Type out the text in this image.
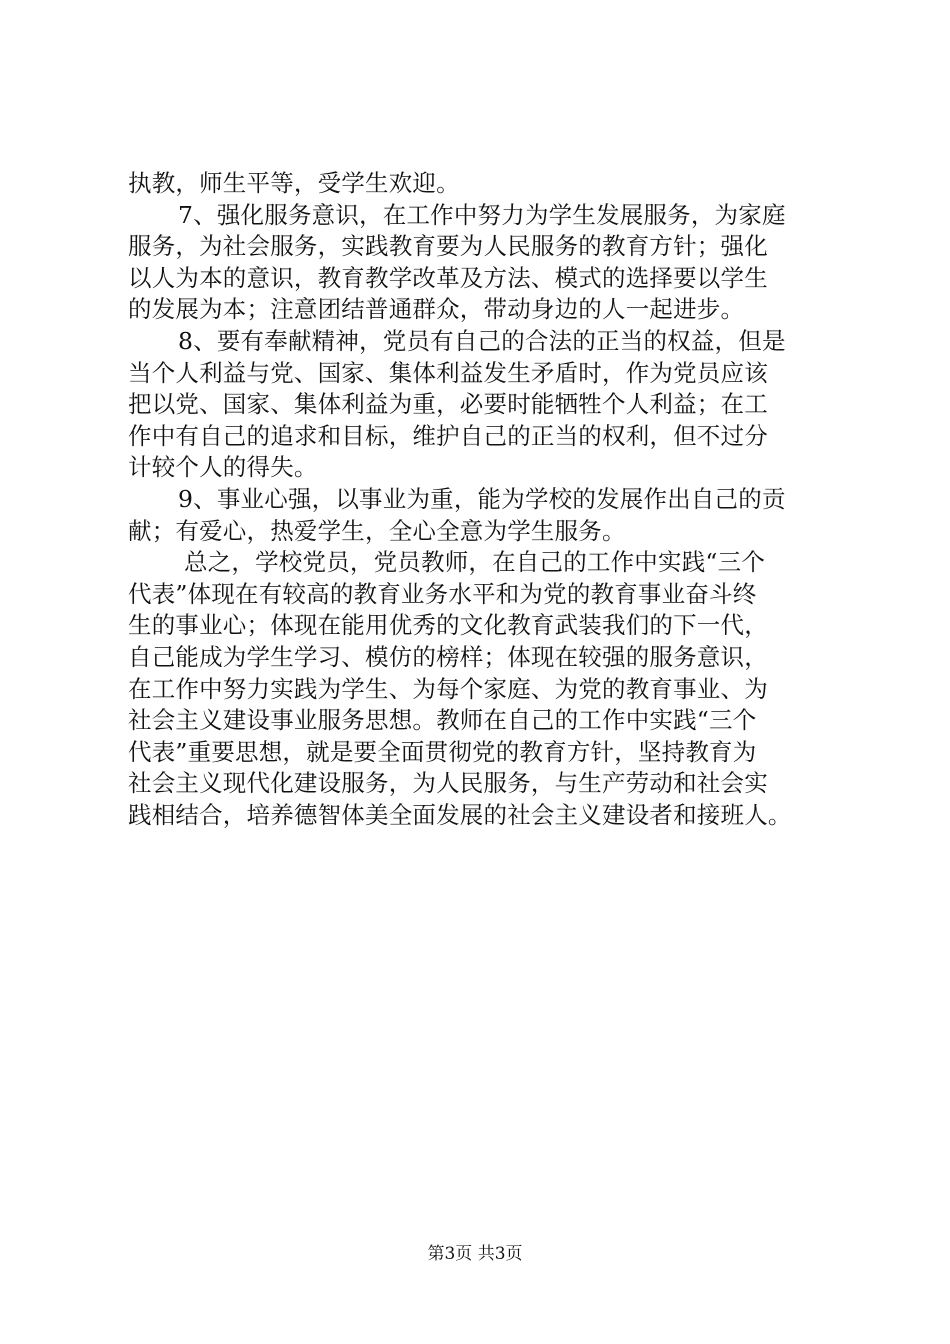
执教，师生平等，受学生欢迎。
7、强化服务意识，在工作中努力为学生发展服务，为家庭
服务，为社会服务，实践教育要为人民服务的教育方针；强化
以人为本的意识，教育教学改革及方法、模式的选择要以学生
的发展为本；注意团结普通群众，带动身边的人一起进步。
8、要有奉献精神，党员有自己的合法的正当的权益，但是
当个人利益与党、国家、集体利益发生矛盾时，作为党员应该
把以党、国家、集体利益为重，必要时能牺牲个人利益；在工
作中有自己的追求和目标，维护自己的正当的权利，但不过分
计较个人的得失。
9、事业心强，以事业为重，能为学校的发展作出自己的贡
献；有爱心，热爱学生，全心全意为学生服务。
总之，学校党员，党员教师，在自己的工作中实践“三个
代表”体现在有较高的教育业务水平和为党的教育事业奋斗终
生的事业心；体现在能用优秀的文化教育武装我们的下一代，
自己能成为学生学习、模仿的榜样；体现在较强的服务意识，
在工作中努力实践为学生、为每个家庭、为党的教育事业、为
社会主义建设事业服务思想。教师在自己的工作中实践“三个
代表”重要思想，就是要全面贯彻党的教育方针，坚持教育为
社会主义现代化建设服务，为人民服务，与生产劳动和社会实
践相结合，培养德智体美全面发展的社会主义建设者和接班人。
第3页 共3页
